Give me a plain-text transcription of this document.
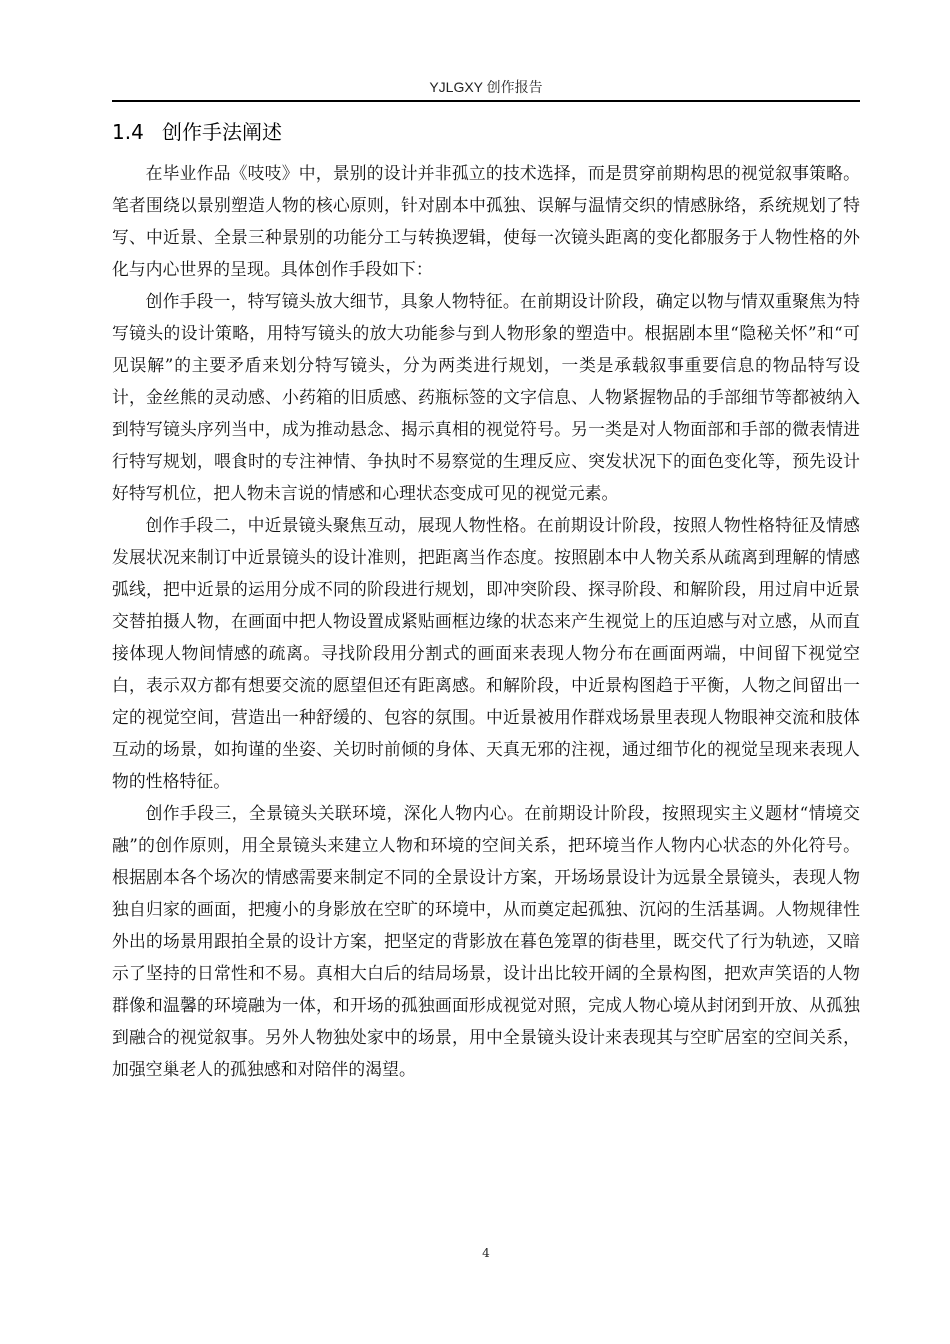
YJLGXY 创作报告
1.4 创作手法阐述

在毕业作品《吱吱》中，景别的设计并非孤立的技术选择，而是贯穿前期构思的视觉叙事策略。笔者围绕以景别塑造人物的核心原则，针对剧本中孤独、误解与温情交织的情感脉络，系统规划了特写、中近景、全景三种景别的功能分工与转换逻辑，使每一次镜头距离的变化都服务于人物性格的外化与内心世界的呈现。具体创作手段如下：

创作手段一，特写镜头放大细节，具象人物特征。在前期设计阶段，确定以物与情双重聚焦为特写镜头的设计策略，用特写镜头的放大功能参与到人物形象的塑造中。根据剧本里“隐秘关怀”和“可见误解”的主要矛盾来划分特写镜头，分为两类进行规划，一类是承载叙事重要信息的物品特写设计，金丝熊的灵动感、小药箱的旧质感、药瓶标签的文字信息、人物紧握物品的手部细节等都被纳入到特写镜头序列当中，成为推动悬念、揭示真相的视觉符号。另一类是对人物面部和手部的微表情进行特写规划，喂食时的专注神情、争执时不易察觉的生理反应、突发状况下的面色变化等，预先设计好特写机位，把人物未言说的情感和心理状态变成可见的视觉元素。

创作手段二，中近景镜头聚焦互动，展现人物性格。在前期设计阶段，按照人物性格特征及情感发展状况来制订中近景镜头的设计准则，把距离当作态度。按照剧本中人物关系从疏离到理解的情感弧线，把中近景的运用分成不同的阶段进行规划，即冲突阶段、探寻阶段、和解阶段，用过肩中近景交替拍摄人物，在画面中把人物设置成紧贴画框边缘的状态来产生视觉上的压迫感与对立感，从而直接体现人物间情感的疏离。寻找阶段用分割式的画面来表现人物分布在画面两端，中间留下视觉空白，表示双方都有想要交流的愿望但还有距离感。和解阶段，中近景构图趋于平衡，人物之间留出一定的视觉空间，营造出一种舒缓的、包容的氛围。中近景被用作群戏场景里表现人物眼神交流和肢体互动的场景，如拘谨的坐姿、关切时前倾的身体、天真无邪的注视，通过细节化的视觉呈现来表现人物的性格特征。

创作手段三，全景镜头关联环境，深化人物内心。在前期设计阶段，按照现实主义题材“情境交融”的创作原则，用全景镜头来建立人物和环境的空间关系，把环境当作人物内心状态的外化符号。根据剧本各个场次的情感需要来制定不同的全景设计方案，开场场景设计为远景全景镜头，表现人物独自归家的画面，把瘦小的身影放在空旷的环境中，从而奠定起孤独、沉闷的生活基调。人物规律性外出的场景用跟拍全景的设计方案，把坚定的背影放在暮色笼罩的街巷里，既交代了行为轨迹，又暗示了坚持的日常性和不易。真相大白后的结局场景，设计出比较开阔的全景构图，把欢声笑语的人物群像和温馨的环境融为一体，和开场的孤独画面形成视觉对照，完成人物心境从封闭到开放、从孤独到融合的视觉叙事。另外人物独处家中的场景，用中全景镜头设计来表现其与空旷居室的空间关系，加强空巢老人的孤独感和对陪伴的渴望。

4
